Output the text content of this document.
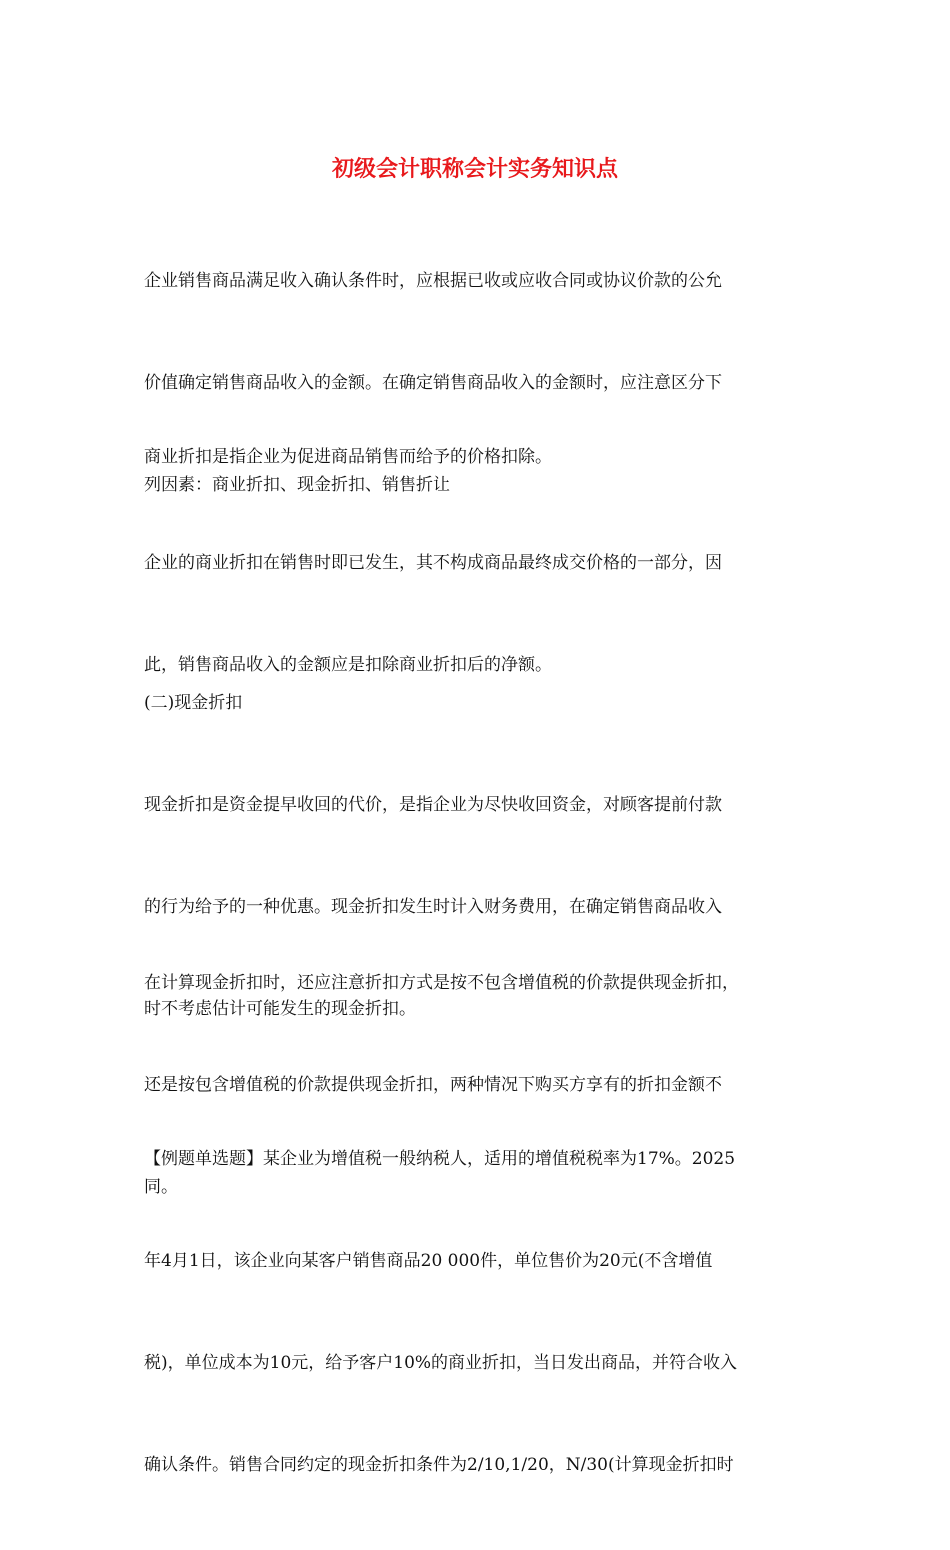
初级会计职称会计实务知识点

企业销售商品满足收入确认条件时，应根据已收或应收合同或协议价款的公允

价值确定销售商品收入的金额。在确定销售商品收入的金额时，应注意区分下

列因素：商业折扣、现金折扣、销售折让

商业折扣是指企业为促进商品销售而给予的价格扣除。

企业的商业折扣在销售时即已发生，其不构成商品最终成交价格的一部分，因

此，销售商品收入的金额应是扣除商业折扣后的净额。

(二)现金折扣

现金折扣是资金提早收回的代价，是指企业为尽快收回资金，对顾客提前付款

的行为给予的一种优惠。现金折扣发生时计入财务费用，在确定销售商品收入

时不考虑估计可能发生的现金折扣。

在计算现金折扣时，还应注意折扣方式是按不包含增值税的价款提供现金折扣，

还是按包含增值税的价款提供现金折扣，两种情况下购买方享有的折扣金额不

同。

【例题单选题】某企业为增值税一般纳税人，适用的增值税税率为17%。2025

年4月1日，该企业向某客户销售商品20 000件，单位售价为20元(不含增值

税)，单位成本为10元，给予客户10%的商业折扣，当日发出商品，并符合收入

确认条件。销售合同约定的现金折扣条件为2/10,1/20，N/30(计算现金折扣时
